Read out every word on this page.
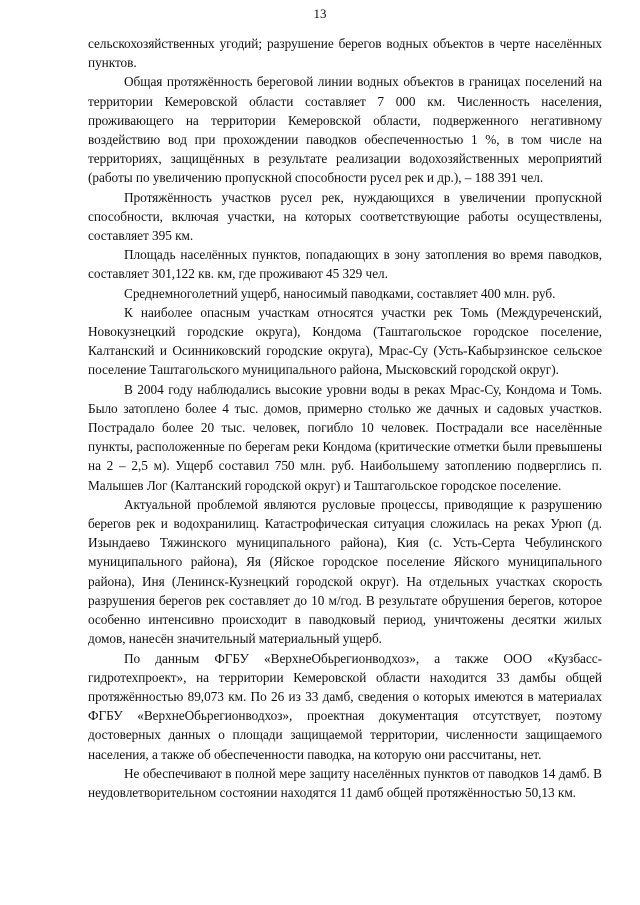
13

сельскохозяйственных угодий; разрушение берегов водных объектов в черте населённых пунктов.

Общая протяжённость береговой линии водных объектов в границах поселений на территории Кемеровской области составляет 7 000 км. Численность населения, проживающего на территории Кемеровской области, подверженного негативному воздействию вод при прохождении паводков обеспеченностью 1 %, в том числе на территориях, защищённых в результате реализации водохозяйственных мероприятий (работы по увеличению пропускной способности русел рек и др.), – 188 391 чел.

Протяжённость участков русел рек, нуждающихся в увеличении пропускной способности, включая участки, на которых соответствующие работы осуществлены, составляет 395 км.

Площадь населённых пунктов, попадающих в зону затопления во время паводков, составляет 301,122 кв. км, где проживают 45 329 чел.

Среднемноголетний ущерб, наносимый паводками, составляет 400 млн. руб.

К наиболее опасным участкам относятся участки рек Томь (Междуреченский, Новокузнецкий городские округа), Кондома (Таштагольское городское поселение, Калтанский и Осинниковский городские округа), Мрас-Су (Усть-Кабырзинское сельское поселение Таштагольского муниципального района, Мысковский городской округ).

В 2004 году наблюдались высокие уровни воды в реках Мрас-Су, Кондома и Томь. Было затоплено более 4 тыс. домов, примерно столько же дачных и садовых участков. Пострадало более 20 тыс. человек, погибло 10 человек. Пострадали все населённые пункты, расположенные по берегам реки Кондома (критические отметки были превышены на 2 – 2,5 м). Ущерб составил 750 млн. руб. Наибольшему затоплению подверглись п. Малышев Лог (Калтанский городской округ) и Таштагольское городское поселение.

Актуальной проблемой являются русловые процессы, приводящие к разрушению берегов рек и водохранилищ. Катастрофическая ситуация сложилась на реках Урюп (д. Изындаево Тяжинского муниципального района), Кия (с. Усть-Серта Чебулинского муниципального района), Яя (Яйское городское поселение Яйского муниципального района), Иня (Ленинск-Кузнецкий городской округ). На отдельных участках скорость разрушения берегов рек составляет до 10 м/год. В результате обрушения берегов, которое особенно интенсивно происходит в паводковый период, уничтожены десятки жилых домов, нанесён значительный материальный ущерб.

По данным ФГБУ «ВерхнеОбьрегионводхоз», а также ООО «Кузбасс-гидротехпроект», на территории Кемеровской области находится 33 дамбы общей протяжённостью 89,073 км. По 26 из 33 дамб, сведения о которых имеются в материалах ФГБУ «ВерхнеОбьрегионводхоз», проектная документация отсутствует, поэтому достоверных данных о площади защищаемой территории, численности защищаемого населения, а также об обеспеченности паводка, на которую они рассчитаны, нет.

Не обеспечивают в полной мере защиту населённых пунктов от паводков 14 дамб. В неудовлетворительном состоянии находятся 11 дамб общей протяжённостью 50,13 км.
